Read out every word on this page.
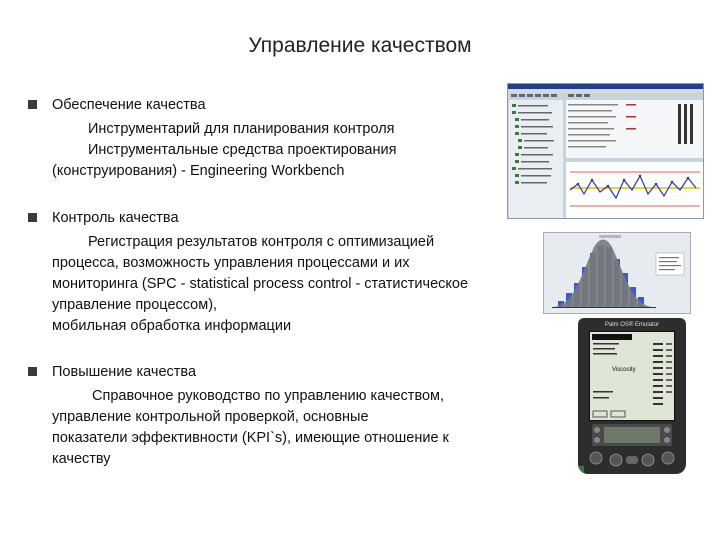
Управление качеством
Обеспечение качества
Инструментарий для планирования контроля
Инструментальные средства проектирования
(конструирования) - Engineering Workbench
Контроль качества
Регистрация результатов контроля с оптимизацией
процесса, возможность управления процессами и их
мониторинга (SPC - statistical process control - статистическое
управление процессом),
мобильная обработка информации
Повышение качества
Справочное руководство по управлению качеством,
управление контрольной проверкой, основные
показатели эффективности (KPI`s), имеющие отношение к
качеству
Palm OS® Emulator
Viscosity
